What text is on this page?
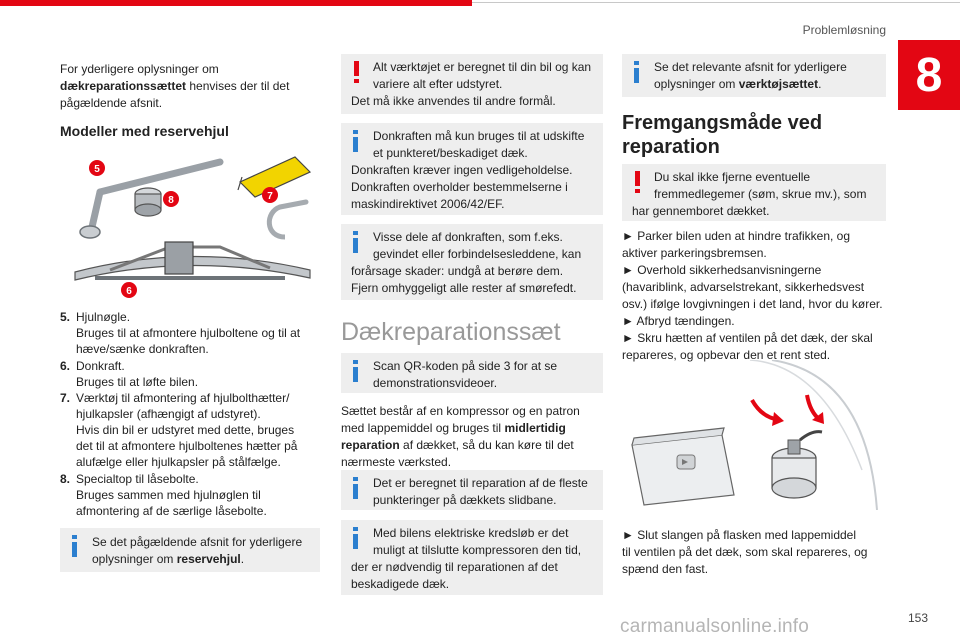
Problemløsning
8

For yderligere oplysninger om

dækreparationssættet henvises der til det

pågældende afsnit.

Modeller med reservehjul
5
8	7
6
5. Hjulnøgle.
Bruges til at afmontere hjulboltene og til at
hæve/sænke donkraften.
6. Donkraft.
Bruges til at løfte bilen.
7. Værktøj til afmontering af hjulbolthætter/
hjulkapsler (afhængigt af udstyret).
Hvis din bil er udstyret med dette, bruges
det til at afmontere hjulboltenes hætter på
alufælge eller hjulkapsler på stålfælge.
8. Specialtop til låsebolte.
Bruges sammen med hjulnøglen til
afmontering af de særlige låsebolte.
Se det pågældende afsnit for yderligere
oplysninger om reservehjul.
Alt værktøjet er beregnet til din bil og kan
variere alt efter udstyret.
Det må ikke anvendes til andre formål.
Donkraften må kun bruges til at udskifte
et punkteret/beskadiget dæk.
Donkraften kræver ingen vedligeholdelse.
Donkraften overholder bestemmelserne i
maskindirektivet 2006/42/EF.
Visse dele af donkraften, som f.eks.
gevindet eller forbindelsesleddene, kan
forårsage skader: undgå at berøre dem.
Fjern omhyggeligt alle rester af smørefedt.
Dækreparationssæt
Scan QR-koden på side 3 for at se
demonstrationsvideoer.
Sættet består af en kompressor og en patron
med lappemiddel og bruges til midlertidig
reparation af dækket, så du kan køre til det
nærmeste værksted.
Det er beregnet til reparation af de fleste
punkteringer på dækkets slidbane.
Med bilens elektriske kredsløb er det
muligt at tilslutte kompressoren den tid,
der er nødvendig til reparationen af det
beskadigede dæk.
Se det relevante afsnit for yderligere
oplysninger om værktøjsættet.
Fremgangsmåde ved
reparation
Du skal ikke fjerne eventuelle
fremmedlegemer (søm, skrue mv.), som
har gennemboret dækket.
► Parker bilen uden at hindre trafikken, og
aktiver parkeringsbremsen.
► Overhold sikkerhedsanvisningerne
(havariblink, advarselstrekant, sikkerhedsvest
osv.) ifølge lovgivningen i det land, hvor du kører.
► Afbryd tændingen.
► Skru hætten af ventilen på det dæk, der skal
repareres, og opbevar den et rent sted.
► Slut slangen på flasken med lappemiddel
til ventilen på det dæk, som skal repareres, og
spænd den fast.
carmanualsonline.info	153
